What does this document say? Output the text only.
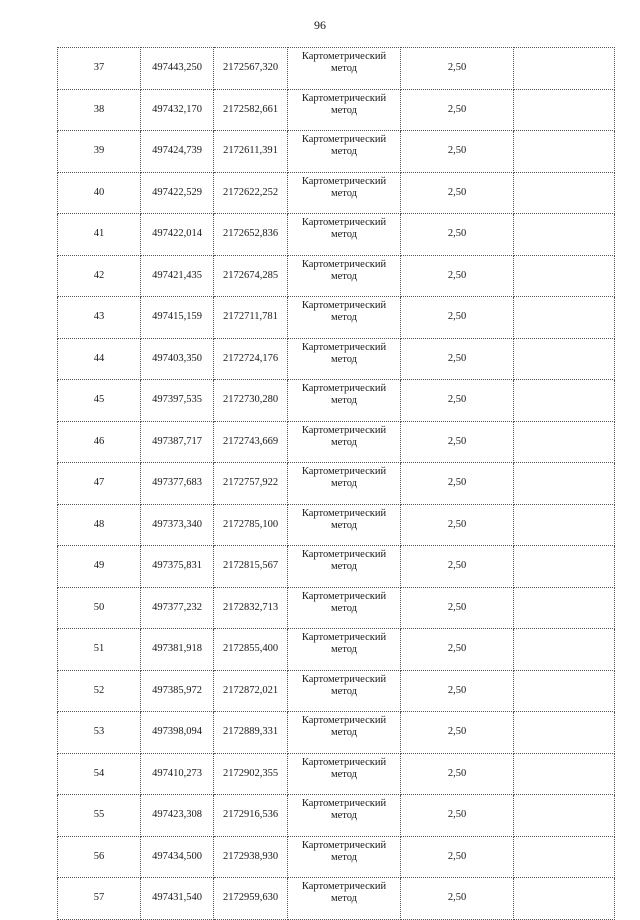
96
37	497443,250	2172567,320	Картометрический метод	2,50	
38	497432,170	2172582,661	Картометрический метод	2,50	
39	497424,739	2172611,391	Картометрический метод	2,50	
40	497422,529	2172622,252	Картометрический метод	2,50	
41	497422,014	2172652,836	Картометрический метод	2,50	
42	497421,435	2172674,285	Картометрический метод	2,50	
43	497415,159	2172711,781	Картометрический метод	2,50	
44	497403,350	2172724,176	Картометрический метод	2,50	
45	497397,535	2172730,280	Картометрический метод	2,50	
46	497387,717	2172743,669	Картометрический метод	2,50	
47	497377,683	2172757,922	Картометрический метод	2,50	
48	497373,340	2172785,100	Картометрический метод	2,50	
49	497375,831	2172815,567	Картометрический метод	2,50	
50	497377,232	2172832,713	Картометрический метод	2,50	
51	497381,918	2172855,400	Картометрический метод	2,50	
52	497385,972	2172872,021	Картометрический метод	2,50	
53	497398,094	2172889,331	Картометрический метод	2,50	
54	497410,273	2172902,355	Картометрический метод	2,50	
55	497423,308	2172916,536	Картометрический метод	2,50	
56	497434,500	2172938,930	Картометрический метод	2,50	
57	497431,540	2172959,630	Картометрический метод	2,50	
